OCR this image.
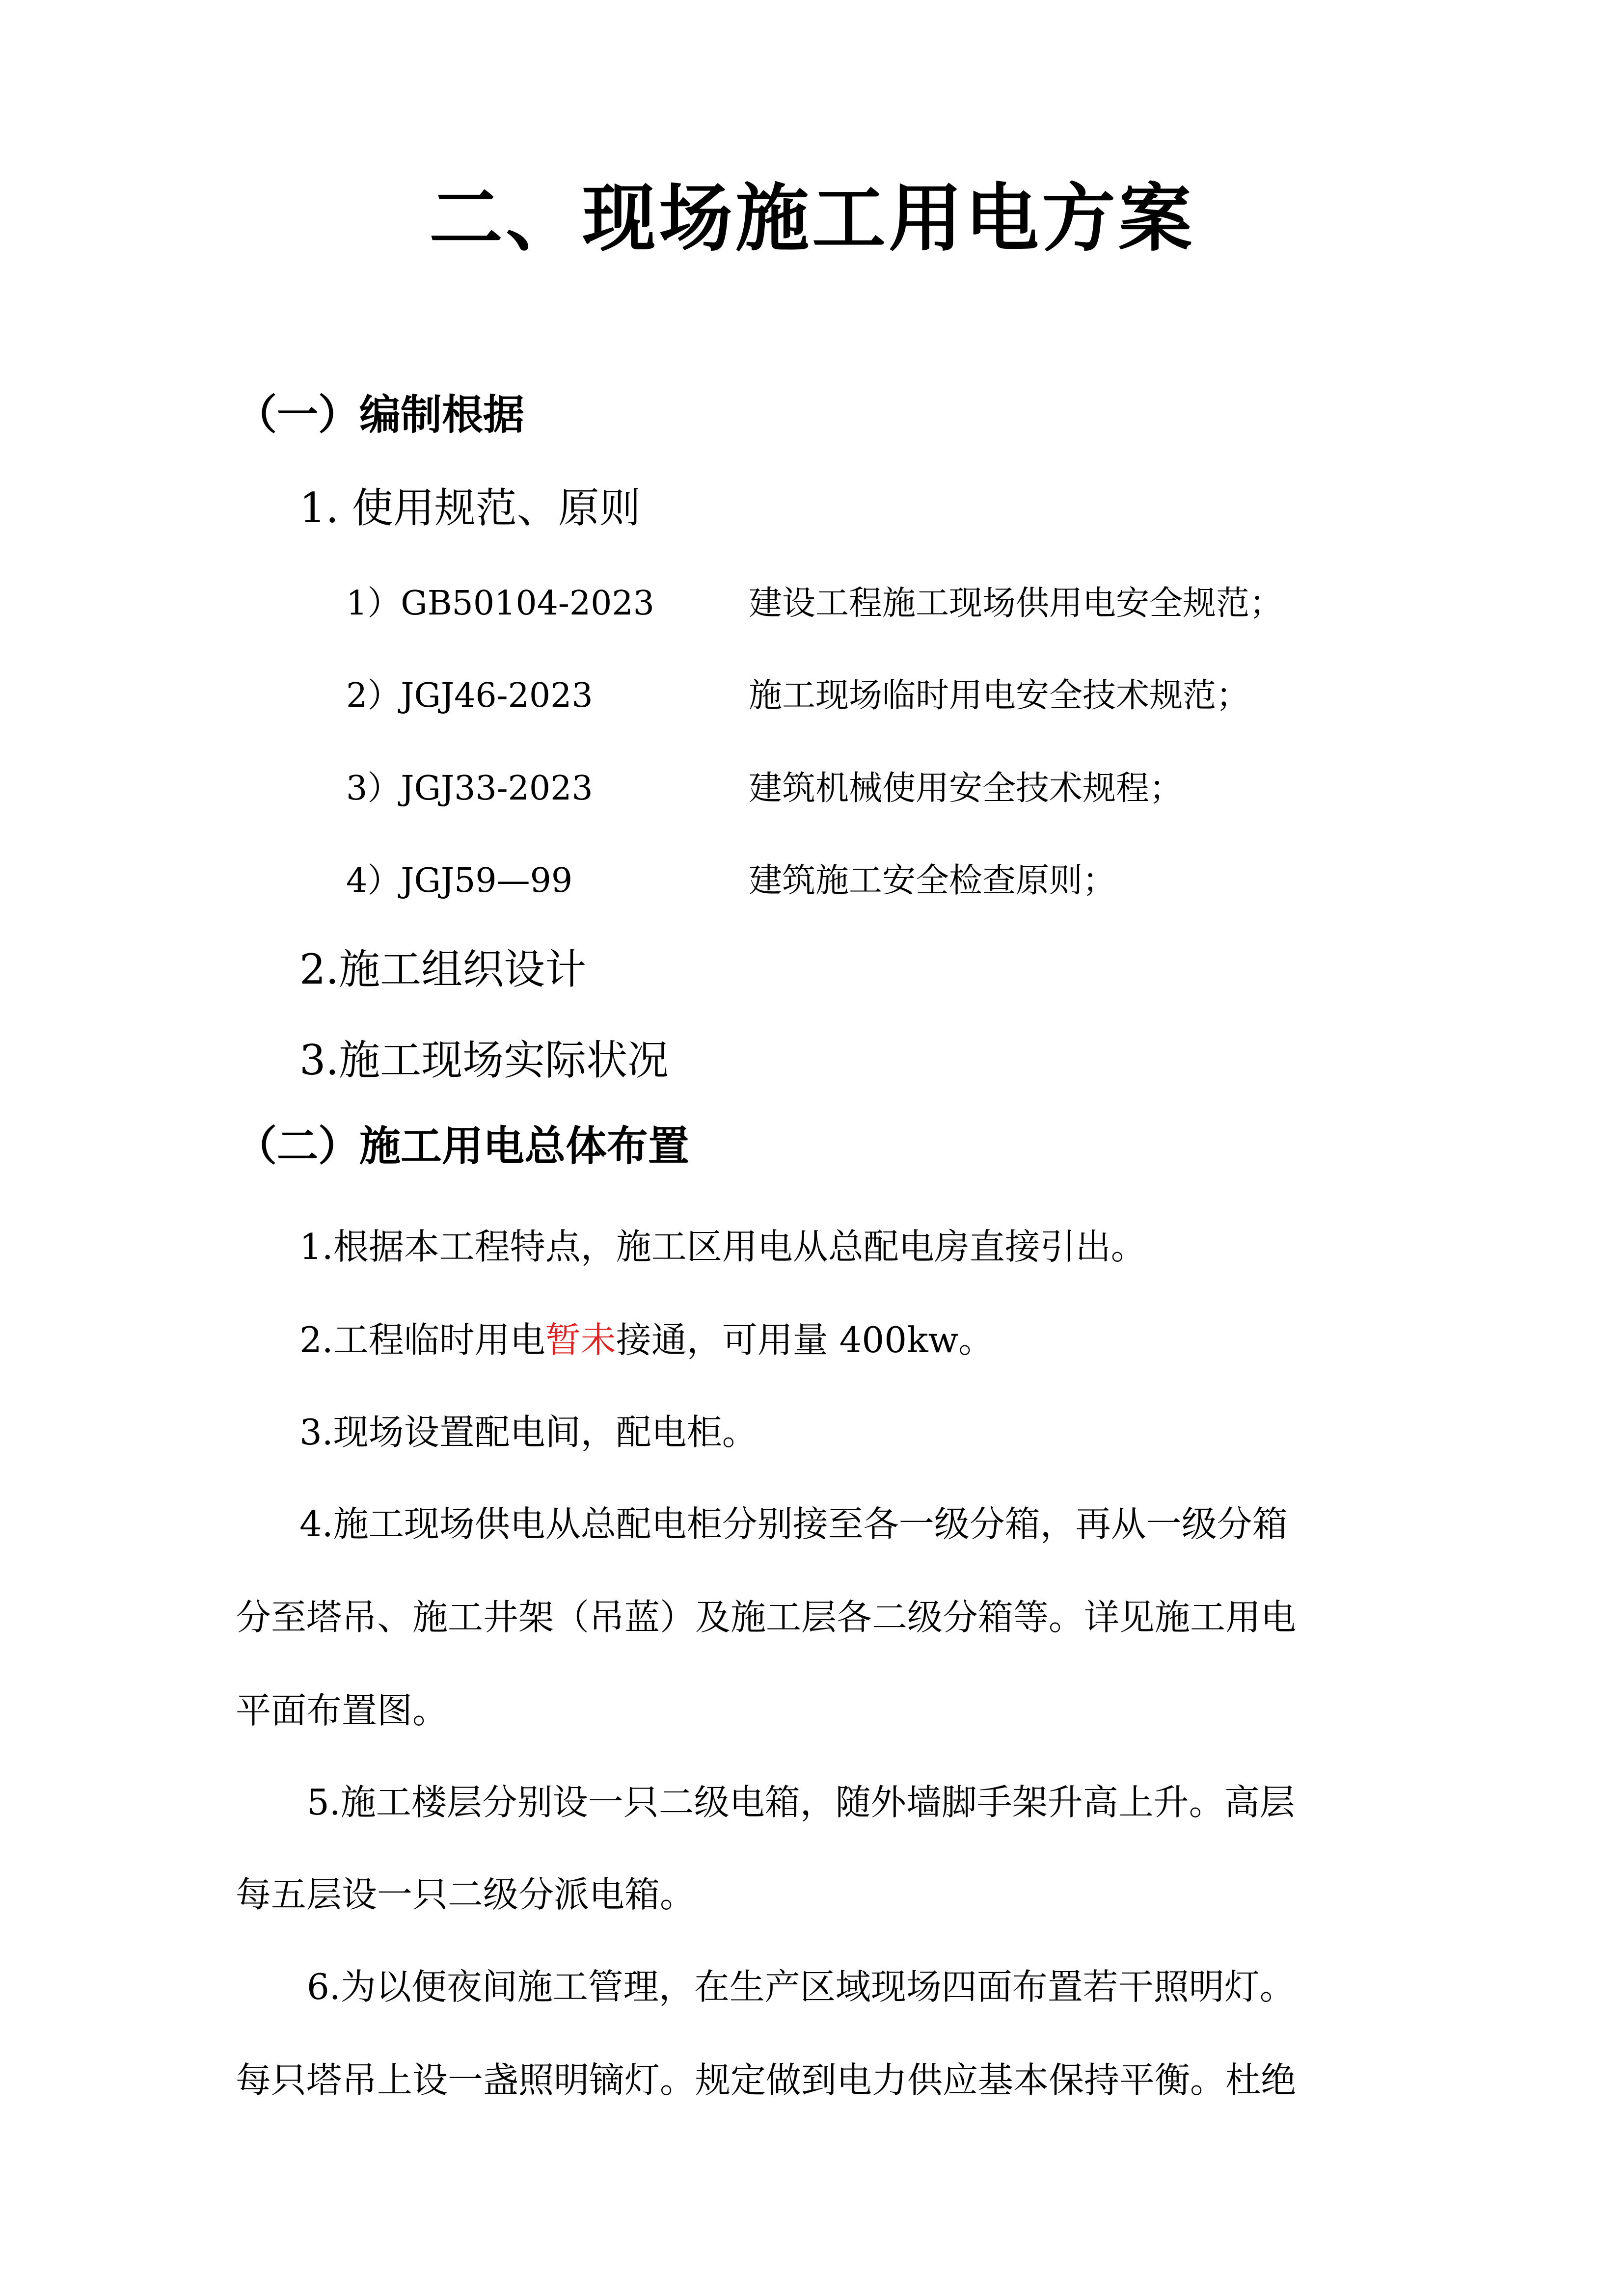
二、现场施工用电方案
（一）编制根据
1. 使用规范、原则
1）GB50104-2023	建设工程施工现场供用电安全规范；
2）JGJ46-2023	施工现场临时用电安全技术规范；
3）JGJ33-2023	建筑机械使用安全技术规程；
4）JGJ59—99	建筑施工安全检查原则；
2.施工组织设计
3.施工现场实际状况
（二）施工用电总体布置
1.根据本工程特点，施工区用电从总配电房直接引出。
2.工程临时用电暂未接通，可用量 400kw。
3.现场设置配电间，配电柜。
4.施工现场供电从总配电柜分别接至各一级分箱，再从一级分箱
分至塔吊、施工井架（吊蓝）及施工层各二级分箱等。详见施工用电
平面布置图。
5.施工楼层分别设一只二级电箱，随外墙脚手架升高上升。高层
每五层设一只二级分派电箱。
6.为以便夜间施工管理，在生产区域现场四面布置若干照明灯。
每只塔吊上设一盏照明镝灯。规定做到电力供应基本保持平衡。杜绝
